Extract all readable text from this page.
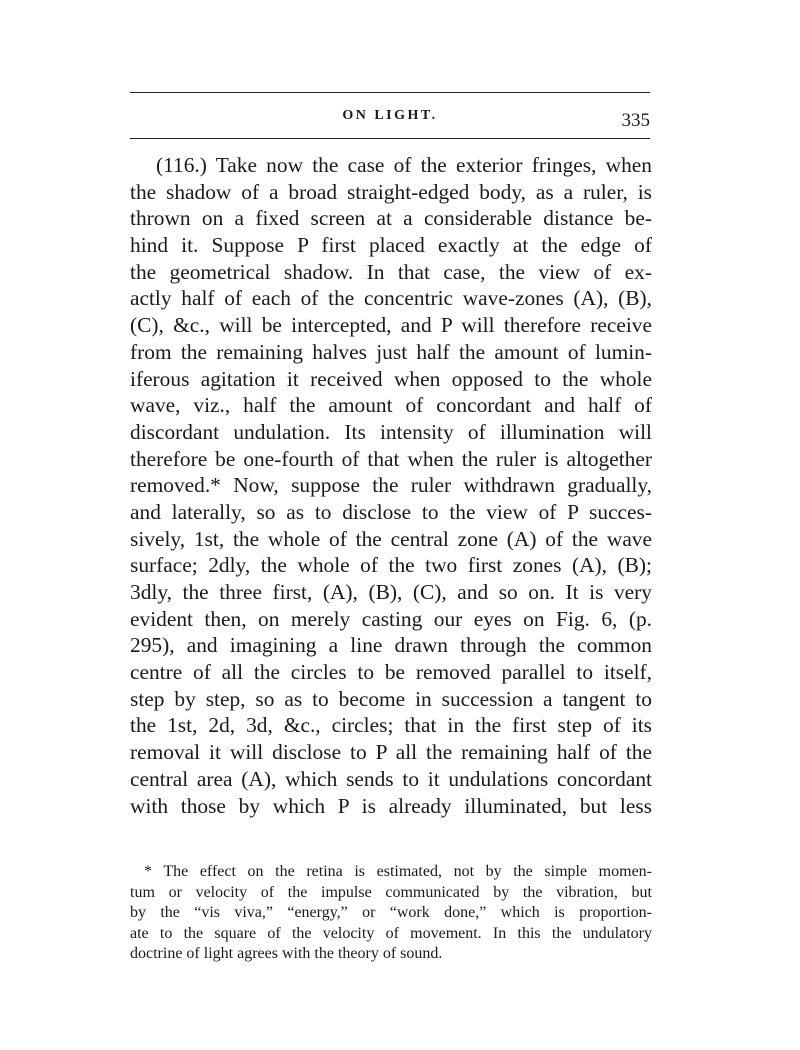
ON LIGHT.	335
(116.) Take now the case of the exterior fringes, when
the shadow of a broad straight-edged body, as a ruler, is
thrown on a fixed screen at a considerable distance be-
hind it. Suppose P first placed exactly at the edge of
the geometrical shadow. In that case, the view of ex-
actly half of each of the concentric wave-zones (A), (B),
(C), &c., will be intercepted, and P will therefore receive
from the remaining halves just half the amount of lumin-
iferous agitation it received when opposed to the whole
wave, viz., half the amount of concordant and half of
discordant undulation. Its intensity of illumination will
therefore be one-fourth of that when the ruler is altogether
removed.* Now, suppose the ruler withdrawn gradually,
and laterally, so as to disclose to the view of P succes-
sively, 1st, the whole of the central zone (A) of the wave
surface; 2dly, the whole of the two first zones (A), (B);
3dly, the three first, (A), (B), (C), and so on. It is very
evident then, on merely casting our eyes on Fig. 6, (p.
295), and imagining a line drawn through the common
centre of all the circles to be removed parallel to itself,
step by step, so as to become in succession a tangent to
the 1st, 2d, 3d, &c., circles; that in the first step of its
removal it will disclose to P all the remaining half of the
central area (A), which sends to it undulations concordant
with those by which P is already illuminated, but less
* The effect on the retina is estimated, not by the simple momen-
tum or velocity of the impulse communicated by the vibration, but
by the “vis viva,” “energy,” or “work done,” which is proportion-
ate to the square of the velocity of movement. In this the undulatory
doctrine of light agrees with the theory of sound.
